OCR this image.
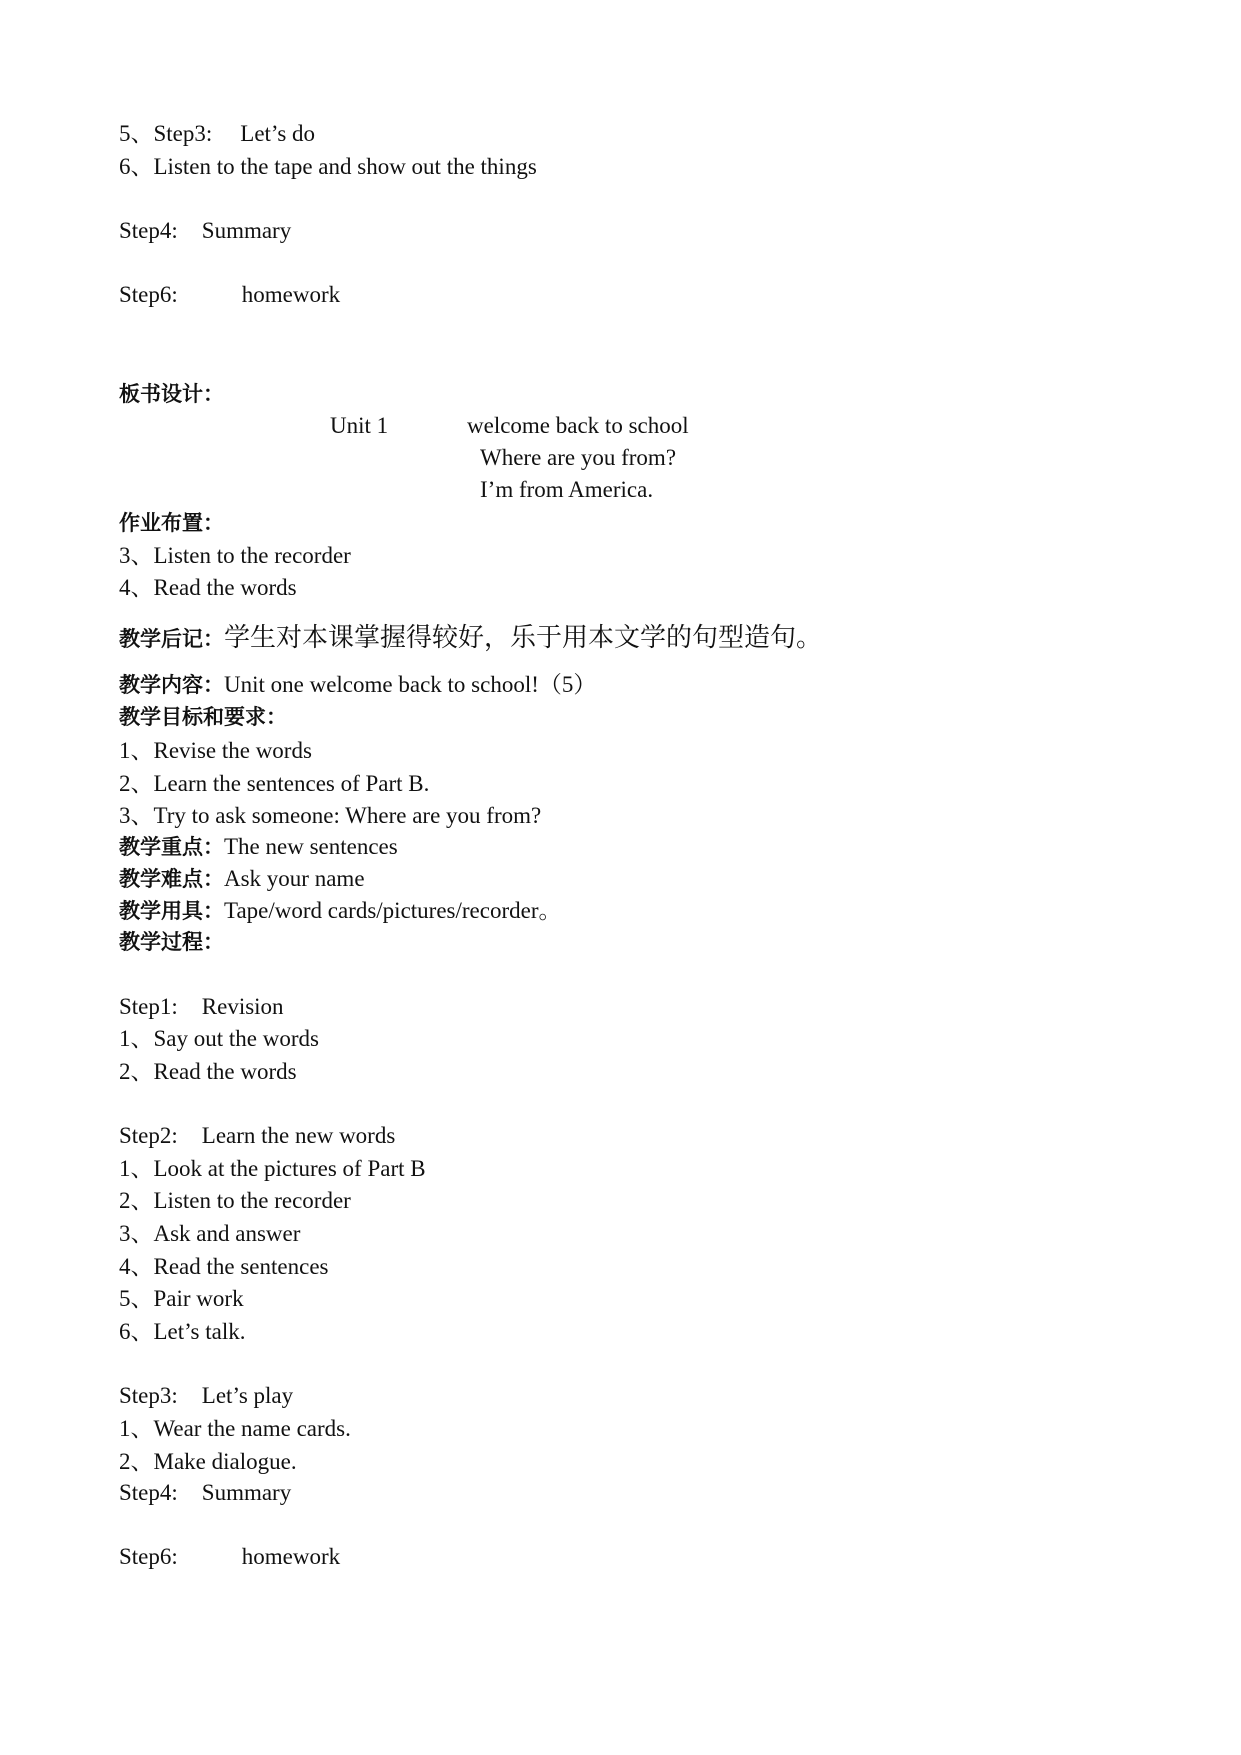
5、Step3: Let’s do
6、Listen to the tape and show out the things
Step4: Summary
Step6:	homework
板书设计：
Unit 1	welcome back to school
Where are you from?
I’m from America.
作业布置：
3、Listen to the recorder
4、Read the words
教学后记：学生对本课掌握得较好，乐于用本文学的句型造句。
教学内容：Unit one welcome back to school!（5）
教学目标和要求：
1、Revise the words
2、Learn the sentences of Part B.
3、Try to ask someone: Where are you from?
教学重点：The new sentences
教学难点：Ask your name
教学用具：Tape/word cards/pictures/recorder。
教学过程：
Step1: Revision
1、Say out the words
2、Read the words
Step2: Learn the new words
1、Look at the pictures of Part B
2、Listen to the recorder
3、Ask and answer
4、Read the sentences
5、Pair work
6、Let’s talk.
Step3: Let’s play
1、Wear the name cards.
2、Make dialogue.
Step4: Summary
Step6:	homework
